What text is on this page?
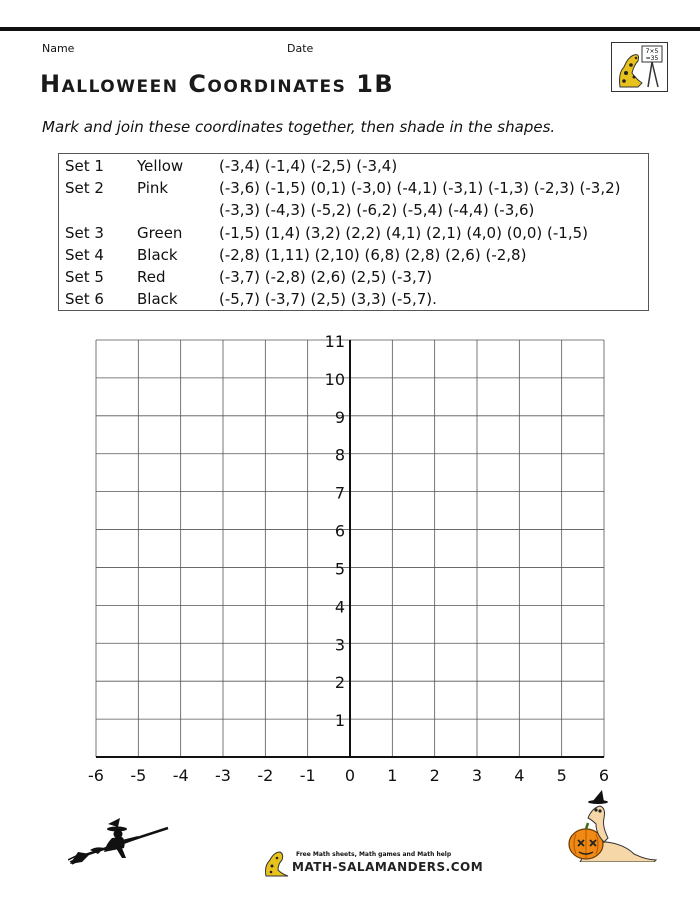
Name	Date	7×5
=35
Halloween Coordinates 1B

Mark and join these coordinates together, then shade in the shapes.

Set 1 Yellow (-3,4) (-1,4) (-2,5) (-3,4)
Set 2 Pink	(-3,6) (-1,5) (0,1) (-3,0) (-4,1) (-3,1) (-1,3) (-2,3) (-3,2)
(-3,3) (-4,3) (-5,2) (-6,2) (-5,4) (-4,4) (-3,6)
Set 3 Green (-1,5) (1,4) (3,2) (2,2) (4,1) (2,1) (4,0) (0,0) (-1,5)
Set 4 Black	(-2,8) (1,11) (2,10) (6,8) (2,8) (2,6) (-2,8)
Set 5 Red	(-3,7) (-2,8) (2,6) (2,5) (-3,7)
Set 6 Black	(-5,7) (-3,7) (2,5) (3,3) (-5,7).
-6 -5 -4 -3 -2 -1 0 1 2 3 4 5 6
1
2
3
4
5
6
7
8
9
10
11
Free Math sheets, Math games and Math help
MATH-SALAMANDERS.COM
